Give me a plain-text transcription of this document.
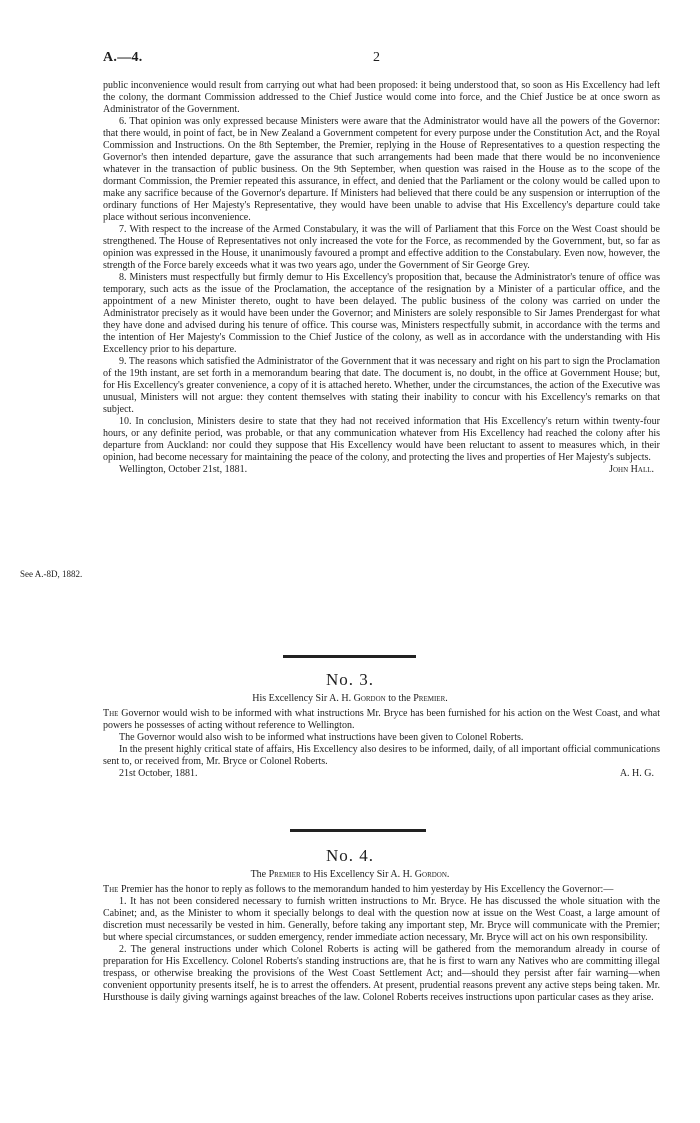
A.—4.	2
See A.-8D, 1882.

public inconvenience would result from carrying out what had been proposed: it being understood that, so soon as His Excellency had left the colony, the dormant Commission addressed to the Chief Justice would come into force, and the Chief Justice be at once sworn as Administrator of the Government.

6. That opinion was only expressed because Ministers were aware that the Administrator would have all the powers of the Governor: that there would, in point of fact, be in New Zealand a Government competent for every purpose under the Constitution Act, and the Royal Commission and Instructions. On the 8th September, the Premier, replying in the House of Representatives to a question respecting the Governor's then intended departure, gave the assurance that such arrangements had been made that there would be no inconvenience whatever in the transaction of public business. On the 9th September, when question was raised in the House as to the scope of the dormant Commission, the Premier repeated this assurance, in effect, and denied that the Parliament or the colony would be called upon to make any sacrifice because of the Governor's departure. If Ministers had believed that there could be any suspension or interruption of the ordinary functions of Her Majesty's Representative, they would have been unable to advise that His Excellency's departure could take place without serious inconvenience.

7. With respect to the increase of the Armed Constabulary, it was the will of Parliament that this Force on the West Coast should be strengthened. The House of Representatives not only increased the vote for the Force, as recommended by the Government, but, so far as opinion was expressed in the House, it unanimously favoured a prompt and effective addition to the Constabulary. Even now, however, the strength of the Force barely exceeds what it was two years ago, under the Government of Sir George Grey.

8. Ministers must respectfully but firmly demur to His Excellency's proposition that, because the Administrator's tenure of office was temporary, such acts as the issue of the Proclamation, the acceptance of the resignation by a Minister of a particular office, and the appointment of a new Minister thereto, ought to have been delayed. The public business of the colony was carried on under the Administrator precisely as it would have been under the Governor; and Ministers are solely responsible to Sir James Prendergast for what they have done and advised during his tenure of office. This course was, Ministers respectfully submit, in accordance with the terms and the intention of Her Majesty's Commission to the Chief Justice of the colony, as well as in accordance with the understanding with His Excellency prior to his departure.

9. The reasons which satisfied the Administrator of the Government that it was necessary and right on his part to sign the Proclamation of the 19th instant, are set forth in a memorandum bearing that date. The document is, no doubt, in the office at Government House; but, for His Excellency's greater convenience, a copy of it is attached hereto. Whether, under the circumstances, the action of the Executive was unusual, Ministers will not argue: they content themselves with stating their inability to concur with his Excellency's remarks on that subject.

10. In conclusion, Ministers desire to state that they had not received information that His Excellency's return within twenty-four hours, or any definite period, was probable, or that any communication whatever from His Excellency had reached the colony after his departure from Auckland: nor could they suppose that His Excellency would have been reluctant to assent to measures which, in their opinion, had become necessary for maintaining the peace of the colony, and protecting the lives and properties of Her Majesty's subjects.

Wellington, October 21st, 1881.	John Hall.
No. 3.
His Excellency Sir A. H. Gordon to the Premier.

The Governor would wish to be informed with what instructions Mr. Bryce has been furnished for his action on the West Coast, and what powers he possesses of acting without reference to Wellington.

The Governor would also wish to be informed what instructions have been given to Colonel Roberts.

In the present highly critical state of affairs, His Excellency also desires to be informed, daily, of all important official communications sent to, or received from, Mr. Bryce or Colonel Roberts.

21st October, 1881.	A. H. G.
No. 4.
The Premier to His Excellency Sir A. H. Gordon.

The Premier has the honor to reply as follows to the memorandum handed to him yesterday by His Excellency the Governor:—

1. It has not been considered necessary to furnish written instructions to Mr. Bryce. He has discussed the whole situation with the Cabinet; and, as the Minister to whom it specially belongs to deal with the question now at issue on the West Coast, a large amount of discretion must necessarily be vested in him. Generally, before taking any important step, Mr. Bryce will communicate with the Premier; but where special circumstances, or sudden emergency, render immediate action necessary, Mr. Bryce will act on his own responsibility.

2. The general instructions under which Colonel Roberts is acting will be gathered from the memorandum already in course of preparation for His Excellency. Colonel Roberts's standing instructions are, that he is first to warn any Natives who are committing illegal trespass, or otherwise breaking the provisions of the West Coast Settlement Act; and—should they persist after fair warning—when convenient opportunity presents itself, he is to arrest the offenders. At present, prudential reasons prevent any active steps being taken. Mr. Hursthouse is daily giving warnings against breaches of the law. Colonel Roberts receives instructions upon particular cases as they arise.
